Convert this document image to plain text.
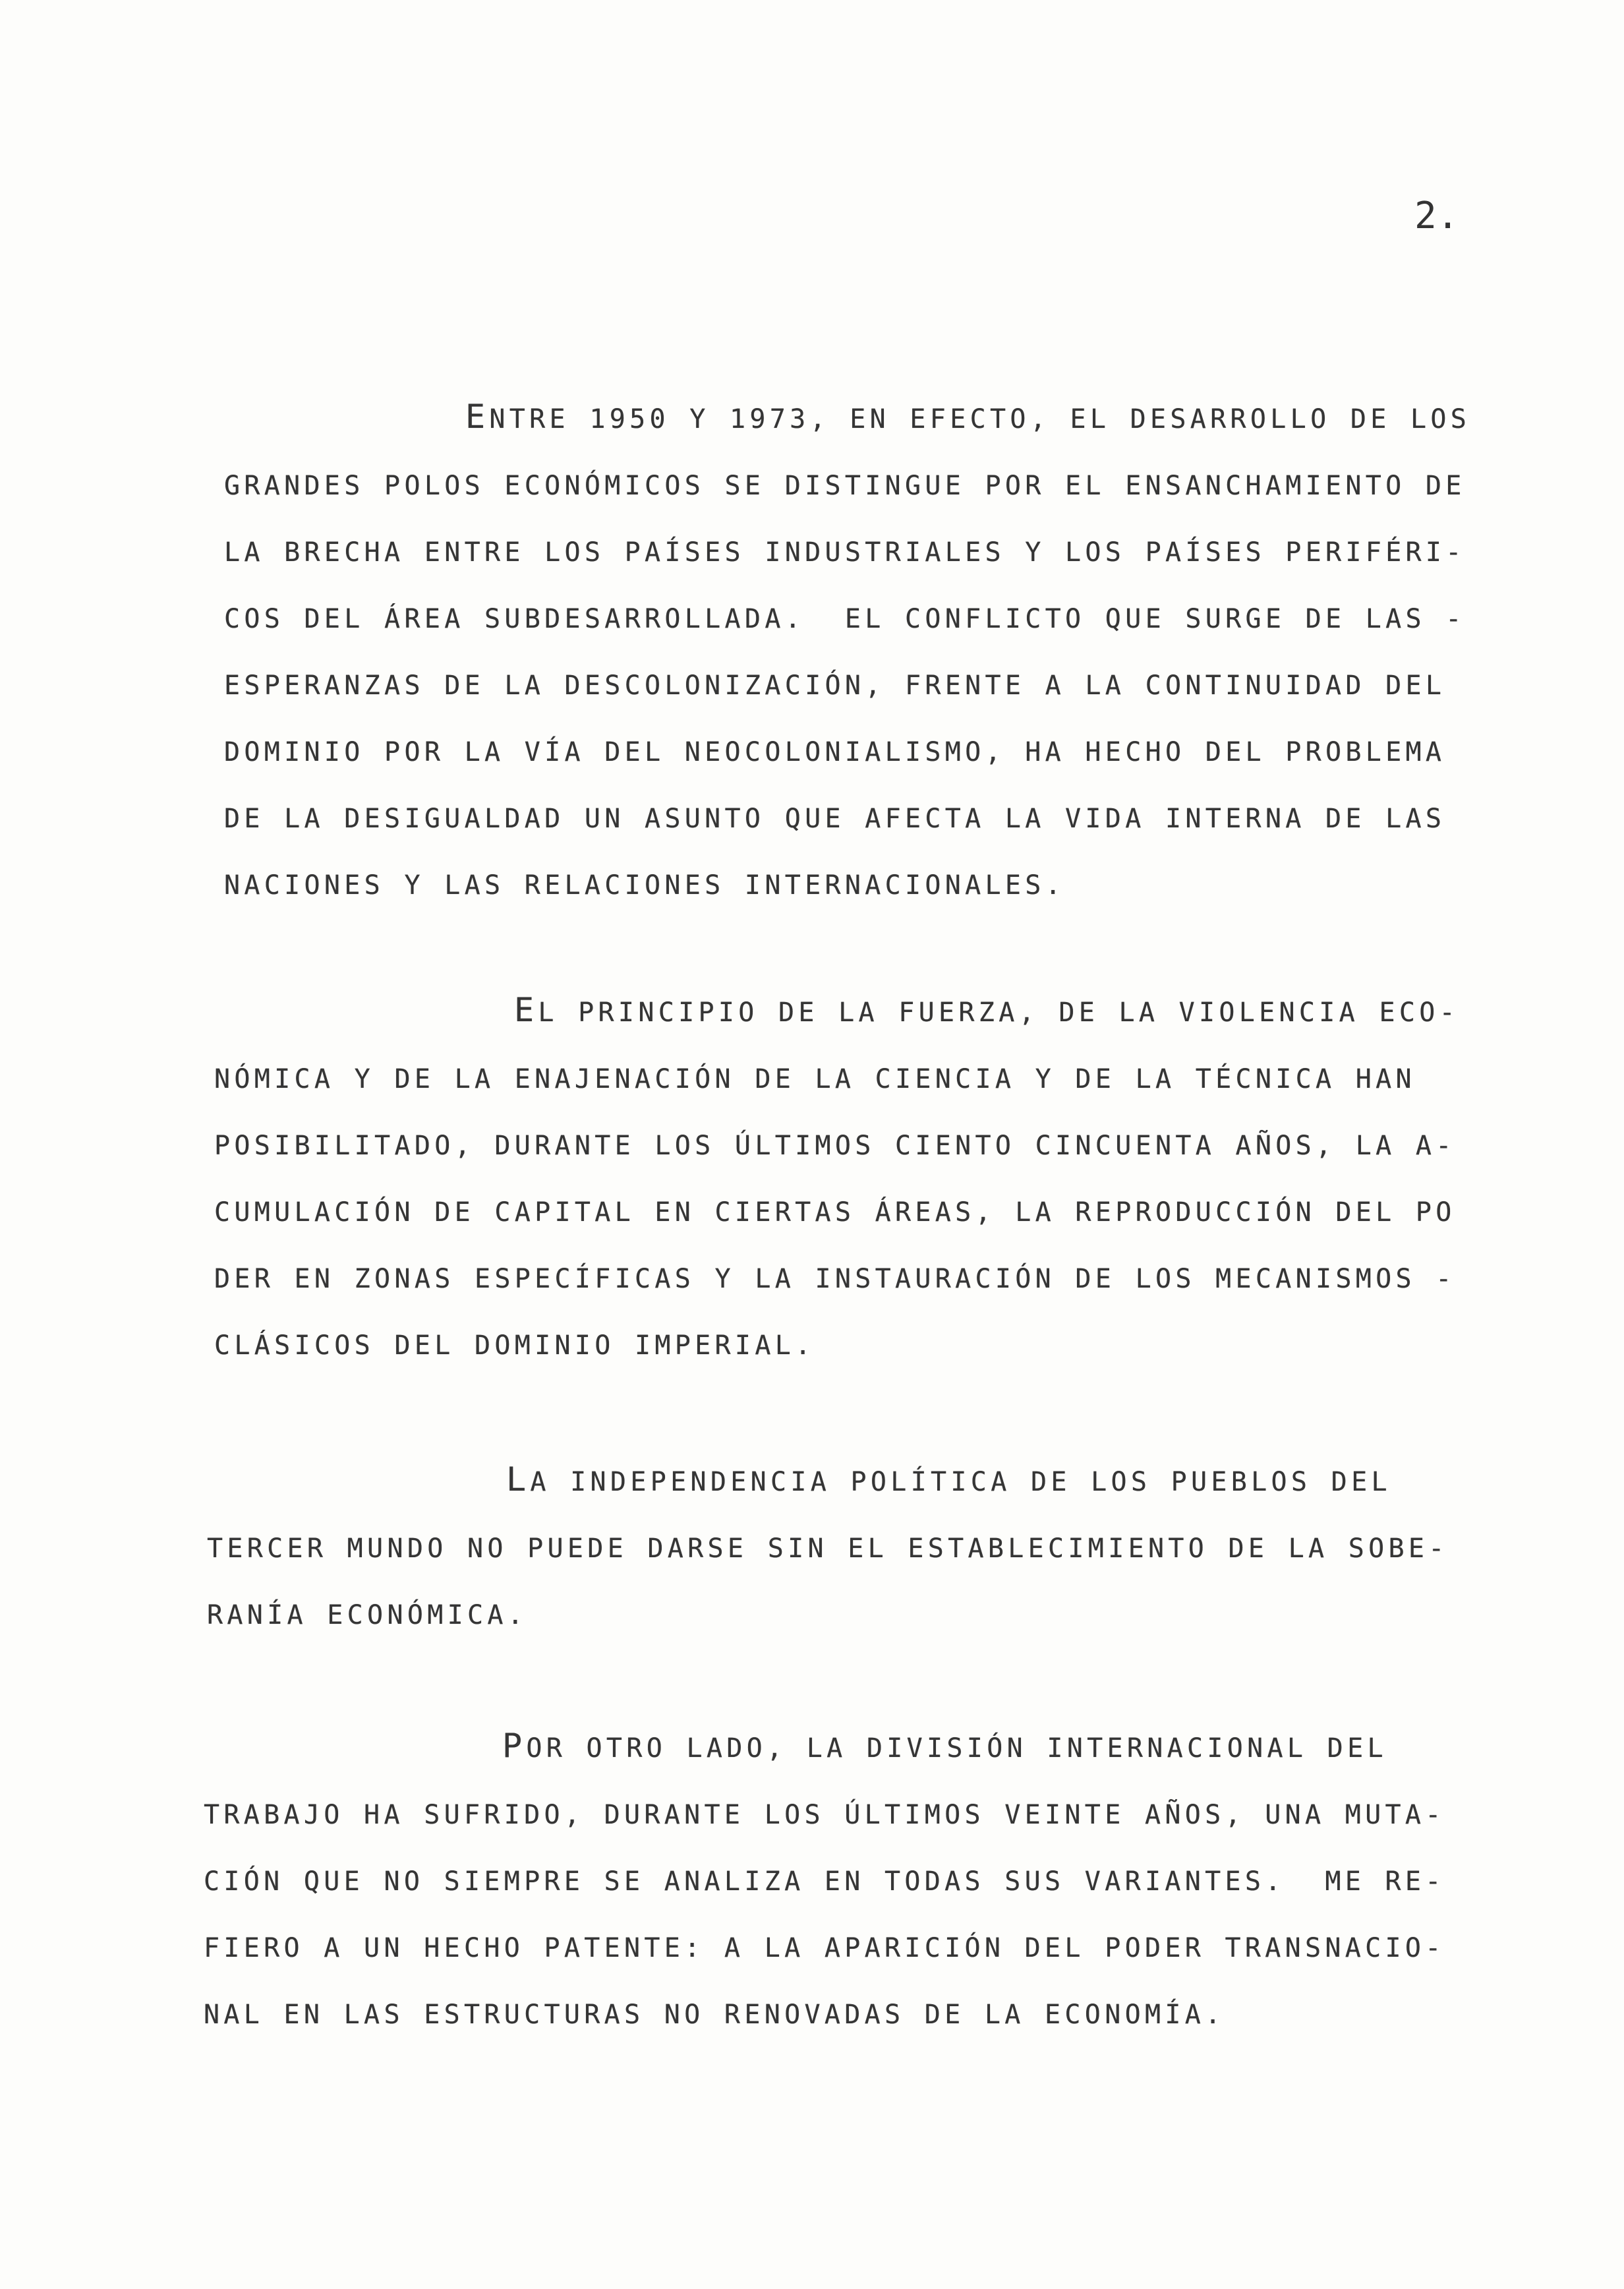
2.
ENTRE 1950 Y 1973, EN EFECTO, EL DESARROLLO DE LOS
GRANDES POLOS ECONÓMICOS SE DISTINGUE POR EL ENSANCHAMIENTO DE
LA BRECHA ENTRE LOS PAÍSES INDUSTRIALES Y LOS PAÍSES PERIFÉRI-
COS DEL ÁREA SUBDESARROLLADA.  EL CONFLICTO QUE SURGE DE LAS -
ESPERANZAS DE LA DESCOLONIZACIÓN, FRENTE A LA CONTINUIDAD DEL
DOMINIO POR LA VÍA DEL NEOCOLONIALISMO, HA HECHO DEL PROBLEMA
DE LA DESIGUALDAD UN ASUNTO QUE AFECTA LA VIDA INTERNA DE LAS
NACIONES Y LAS RELACIONES INTERNACIONALES.
EL PRINCIPIO DE LA FUERZA, DE LA VIOLENCIA ECO-
NÓMICA Y DE LA ENAJENACIÓN DE LA CIENCIA Y DE LA TÉCNICA HAN
POSIBILITADO, DURANTE LOS ÚLTIMOS CIENTO CINCUENTA AÑOS, LA A-
CUMULACIÓN DE CAPITAL EN CIERTAS ÁREAS, LA REPRODUCCIÓN DEL PO
DER EN ZONAS ESPECÍFICAS Y LA INSTAURACIÓN DE LOS MECANISMOS -
CLÁSICOS DEL DOMINIO IMPERIAL.
LA INDEPENDENCIA POLÍTICA DE LOS PUEBLOS DEL
TERCER MUNDO NO PUEDE DARSE SIN EL ESTABLECIMIENTO DE LA SOBE-
RANÍA ECONÓMICA.
POR OTRO LADO, LA DIVISIÓN INTERNACIONAL DEL
TRABAJO HA SUFRIDO, DURANTE LOS ÚLTIMOS VEINTE AÑOS, UNA MUTA-
CIÓN QUE NO SIEMPRE SE ANALIZA EN TODAS SUS VARIANTES.  ME RE-
FIERO A UN HECHO PATENTE: A LA APARICIÓN DEL PODER TRANSNACIO-
NAL EN LAS ESTRUCTURAS NO RENOVADAS DE LA ECONOMÍA.
